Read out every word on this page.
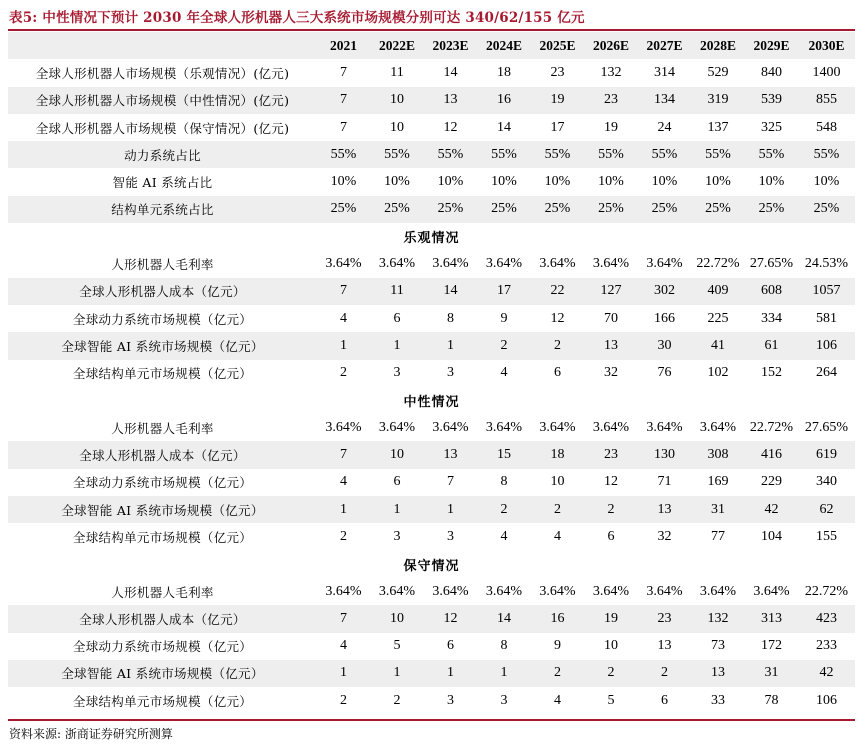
表5: 中性情况下预计 2030 年全球人形机器人三大系统市场规模分别可达 340/62/155 亿元
	2021	2022E	2023E	2024E	2025E	2026E	2027E	2028E	2029E	2030E
全球人形机器人市场规模（乐观情况）(亿元)	7	11	14	18	23	132	314	529	840	1400
全球人形机器人市场规模（中性情况）(亿元)	7	10	13	16	19	23	134	319	539	855
全球人形机器人市场规模（保守情况）(亿元)	7	10	12	14	17	19	24	137	325	548
动力系统占比	55%	55%	55%	55%	55%	55%	55%	55%	55%	55%
智能 AI 系统占比	10%	10%	10%	10%	10%	10%	10%	10%	10%	10%
结构单元系统占比	25%	25%	25%	25%	25%	25%	25%	25%	25%	25%
乐观情况										
人形机器人毛利率	3.64%	3.64%	3.64%	3.64%	3.64%	3.64%	3.64%	22.72%	27.65%	24.53%
全球人形机器人成本（亿元）	7	11	14	17	22	127	302	409	608	1057
全球动力系统市场规模（亿元）	4	6	8	9	12	70	166	225	334	581
全球智能 AI 系统市场规模（亿元）	1	1	1	2	2	13	30	41	61	106
全球结构单元市场规模（亿元）	2	3	3	4	6	32	76	102	152	264
中性情况										
人形机器人毛利率	3.64%	3.64%	3.64%	3.64%	3.64%	3.64%	3.64%	3.64%	22.72%	27.65%
全球人形机器人成本（亿元）	7	10	13	15	18	23	130	308	416	619
全球动力系统市场规模（亿元）	4	6	7	8	10	12	71	169	229	340
全球智能 AI 系统市场规模（亿元）	1	1	1	2	2	2	13	31	42	62
全球结构单元市场规模（亿元）	2	3	3	4	4	6	32	77	104	155
保守情况										
人形机器人毛利率	3.64%	3.64%	3.64%	3.64%	3.64%	3.64%	3.64%	3.64%	3.64%	22.72%
全球人形机器人成本（亿元）	7	10	12	14	16	19	23	132	313	423
全球动力系统市场规模（亿元）	4	5	6	8	9	10	13	73	172	233
全球智能 AI 系统市场规模（亿元）	1	1	1	1	2	2	2	13	31	42
全球结构单元市场规模（亿元）	2	2	3	3	4	5	6	33	78	106
资料来源: 浙商证券研究所测算
